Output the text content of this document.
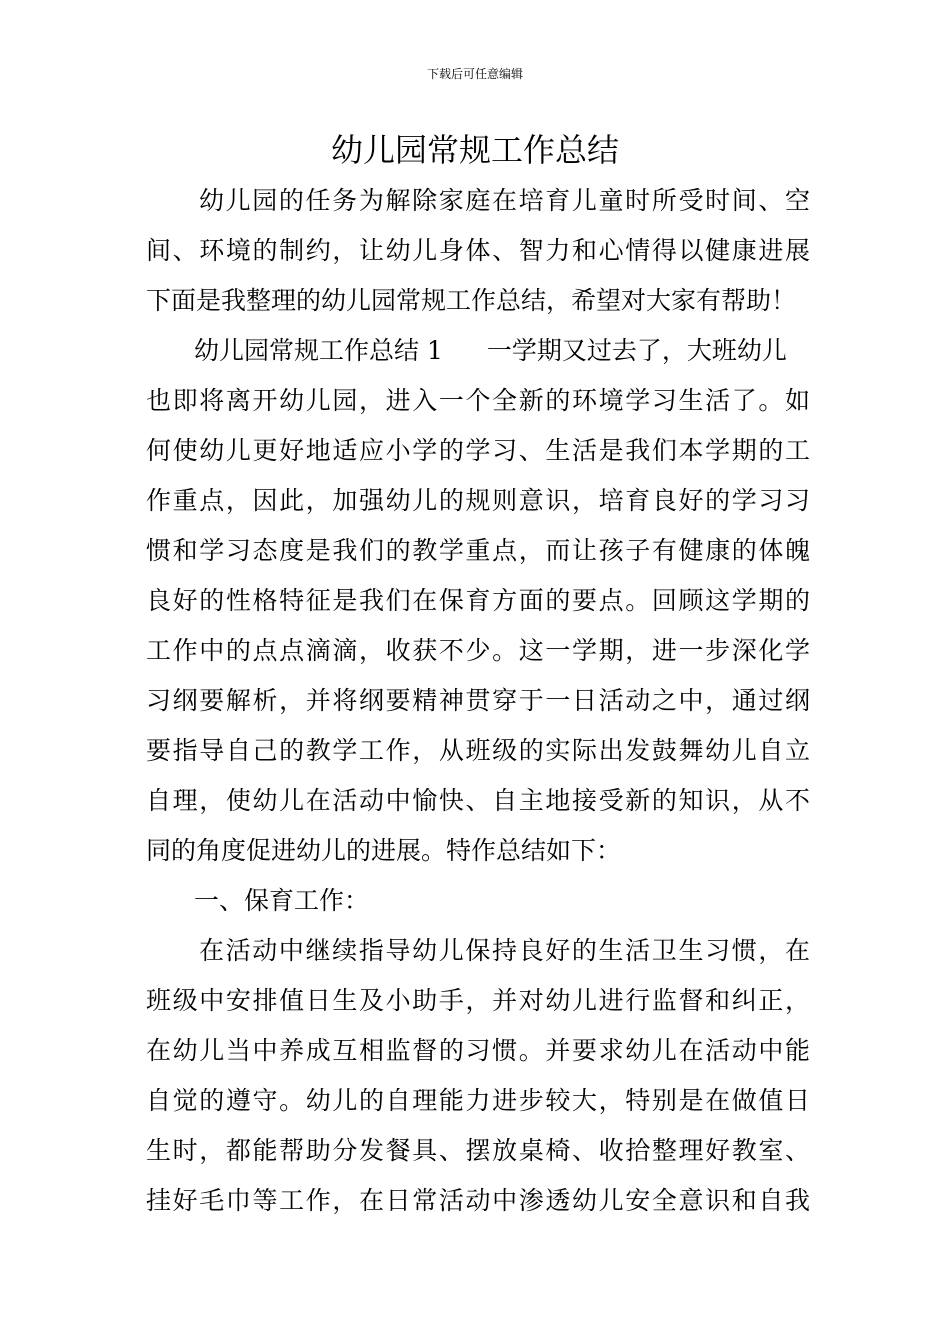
下载后可任意编辑
幼儿园常规工作总结
幼儿园的任务为解除家庭在培育儿童时所受时间、空
间、环境的制约，让幼儿身体、智力和心情得以健康进展
下面是我整理的幼儿园常规工作总结，希望对大家有帮助！
幼儿园常规工作总结 1 一学期又过去了，大班幼儿
也即将离开幼儿园，进入一个全新的环境学习生活了。如
何使幼儿更好地适应小学的学习、生活是我们本学期的工
作重点，因此，加强幼儿的规则意识，培育良好的学习习
惯和学习态度是我们的教学重点，而让孩子有健康的体魄
良好的性格特征是我们在保育方面的要点。回顾这学期的
工作中的点点滴滴，收获不少。这一学期，进一步深化学
习纲要解析，并将纲要精神贯穿于一日活动之中，通过纲
要指导自己的教学工作，从班级的实际出发鼓舞幼儿自立
自理，使幼儿在活动中愉快、自主地接受新的知识，从不
同的角度促进幼儿的进展。特作总结如下：
一、保育工作：
在活动中继续指导幼儿保持良好的生活卫生习惯，在
班级中安排值日生及小助手，并对幼儿进行监督和纠正，
在幼儿当中养成互相监督的习惯。并要求幼儿在活动中能
自觉的遵守。幼儿的自理能力进步较大，特别是在做值日
生时，都能帮助分发餐具、摆放桌椅、收拾整理好教室、
挂好毛巾等工作，在日常活动中渗透幼儿安全意识和自我
